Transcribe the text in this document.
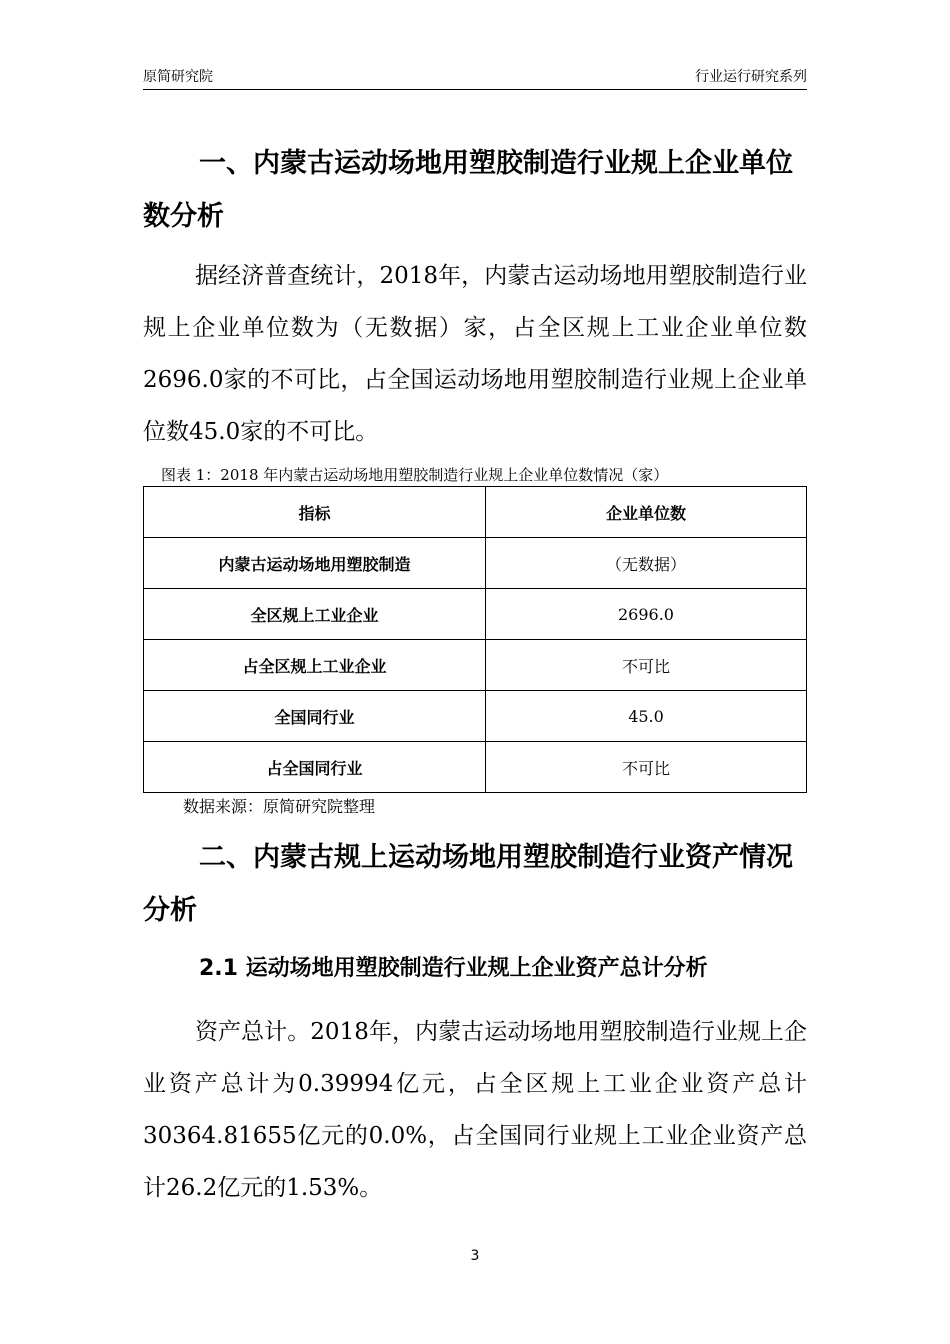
原简研究院	行业运行研究系列
一、内蒙古运动场地用塑胶制造行业规上企业单位数分析

据经济普查统计，2018年，内蒙古运动场地用塑胶制造行业规上企业单位数为（无数据）家，占全区规上工业企业单位数2696.0家的不可比，占全国运动场地用塑胶制造行业规上企业单位数45.0家的不可比。

图表 1：2018 年内蒙古运动场地用塑胶制造行业规上企业单位数情况（家）
指标	企业单位数
内蒙古运动场地用塑胶制造	（无数据）
全区规上工业企业	2696.0
占全区规上工业企业	不可比
全国同行业	45.0
占全国同行业	不可比
数据来源：原简研究院整理
二、内蒙古规上运动场地用塑胶制造行业资产情况分析
2.1 运动场地用塑胶制造行业规上企业资产总计分析

资产总计。2018年，内蒙古运动场地用塑胶制造行业规上企业资产总计为0.39994亿元，占全区规上工业企业资产总计30364.81655亿元的0.0%，占全国同行业规上工业企业资产总计26.2亿元的1.53%。

3
